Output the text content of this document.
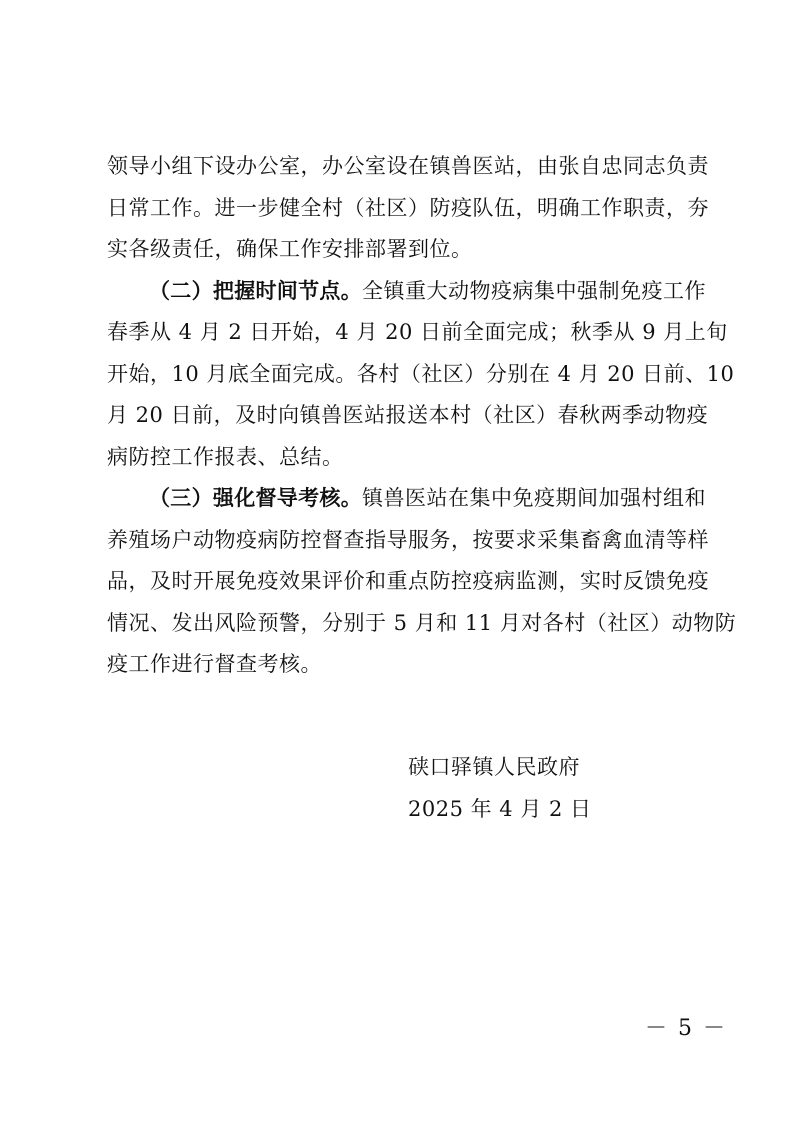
领导小组下设办公室，办公室设在镇兽医站，由张自忠同志负责
日常工作。进一步健全村（社区）防疫队伍，明确工作职责，夯
实各级责任，确保工作安排部署到位。
（二）把握时间节点。全镇重大动物疫病集中强制免疫工作
春季从 4 月 2 日开始，4 月 20 日前全面完成；秋季从 9 月上旬
开始，10 月底全面完成。各村（社区）分别在 4 月 20 日前、10
月 20 日前，及时向镇兽医站报送本村（社区）春秋两季动物疫
病防控工作报表、总结。
（三）强化督导考核。镇兽医站在集中免疫期间加强村组和
养殖场户动物疫病防控督查指导服务，按要求采集畜禽血清等样
品，及时开展免疫效果评价和重点防控疫病监测，实时反馈免疫
情况、发出风险预警，分别于 5 月和 11 月对各村（社区）动物防
疫工作进行督查考核。
硖口驿镇人民政府
2025 年 4 月 2 日
－ 5 －
